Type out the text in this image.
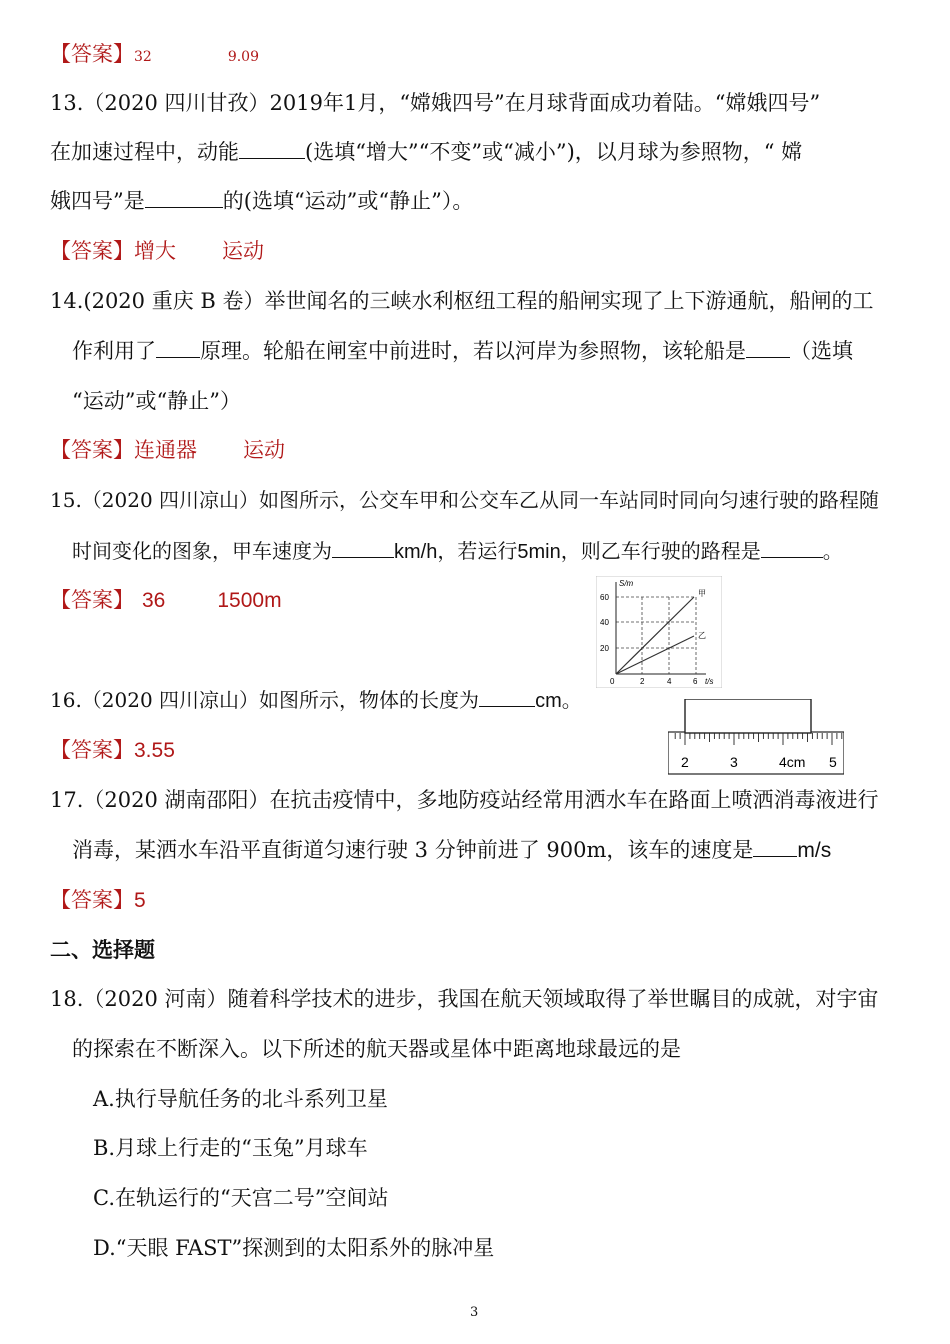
【答案】32	9.09
13.（2020 四川甘孜）2019年1月，“嫦娥四号”在月球背面成功着陆。“嫦娥四号”
在加速过程中，动能	(选填“增大”“不变”或“减小”)，以月球为参照物，“ 嫦
娥四号”是	的(选填“运动”或“静止”）。
【答案】增大 运动
14.(2020 重庆 B 卷）举世闻名的三峡水利枢纽工程的船闸实现了上下游通航，船闸的工
作利用了 原理。轮船在闸室中前进时，若以河岸为参照物，该轮船是 （选填
“运动”或“静止”）
【答案】连通器 运动
15.（2020 四川凉山）如图所示，公交车甲和公交车乙从同一车站同时同向匀速行驶的路程随
时间变化的图象，甲车速度为	km/h，若运行5min，则乙车行驶的路程是	。
【答案】 36 1500m
S/m
t/s
60
40
20
0	2	4	6
甲
乙
16.（2020 四川凉山）如图所示，物体的长度为	cm。
【答案】3.55	2	3	4cm 5
17.（2020 湖南邵阳）在抗击疫情中，多地防疫站经常用洒水车在路面上喷洒消毒液进行
消毒，某洒水车沿平直街道匀速行驶 3 分钟前进了 900m，该车的速度是 m/s
【答案】5
二、选择题
18.（2020 河南）随着科学技术的进步，我国在航天领域取得了举世瞩目的成就，对宇宙
的探索在不断深入。以下所述的航天器或星体中距离地球最远的是
A.执行导航任务的北斗系列卫星
B.月球上行走的“玉兔”月球车
C.在轨运行的“天宫二号”空间站
D.“天眼 FAST”探测到的太阳系外的脉冲星
3
